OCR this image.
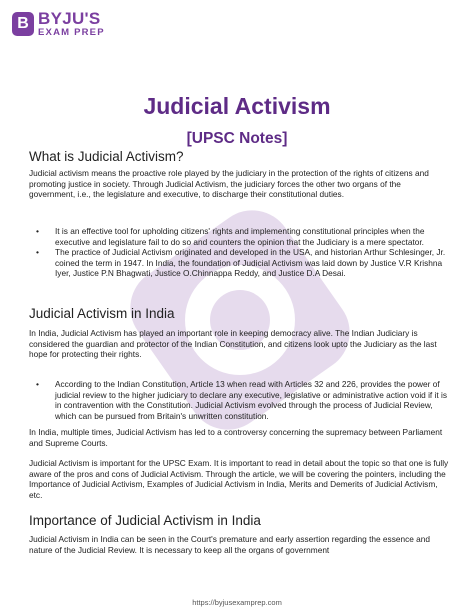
B BYJU'S
EXAM PREP
Judicial Activism
[UPSC Notes]
What is Judicial Activism?
Judicial activism means the proactive role played by the judiciary in the protection of the rights of citizens and promoting justice in society. Through Judicial Activism, the judiciary forces the other two organs of the government, i.e., the legislature and executive, to discharge their constitutional duties.
• It is an effective tool for upholding citizens' rights and implementing constitutional principles when the executive and legislature fail to do so and counters the opinion that the Judiciary is a mere spectator.
• The practice of Judicial Activism originated and developed in the USA, and historian Arthur Schlesinger, Jr. coined the term in 1947. In India, the foundation of Judicial Activism was laid down by Justice V.R Krishna Iyer, Justice P.N Bhagwati, Justice O.Chinnappa Reddy, and Justice D.A Desai.
Judicial Activism in India
In India, Judicial Activism has played an important role in keeping democracy alive. The Indian Judiciary is considered the guardian and protector of the Indian Constitution, and citizens look upto the Judiciary as the last hope for protecting their rights.
• According to the Indian Constitution, Article 13 when read with Articles 32 and 226, provides the power of judicial review to the higher judiciary to declare any executive, legislative or administrative action void if it is in contravention with the Constitution. Judicial Activism evolved through the process of Judicial Review, which can be pursued from Britain's unwritten constitution.
In India, multiple times, Judicial Activism has led to a controversy concerning the supremacy between Parliament and Supreme Courts.
Judicial Activism is important for the UPSC Exam. It is important to read in detail about the topic so that one is fully aware of the pros and cons of Judicial Activism. Through the article, we will be covering the pointers, including the Importance of Judicial Activism, Examples of Judicial Activism in India, Merits and Demerits of Judicial Activism, etc.
Importance of Judicial Activism in India
Judicial Activism in India can be seen in the Court's premature and early assertion regarding the essence and nature of the Judicial Review. It is necessary to keep all the organs of government
https://byjusexamprep.com
